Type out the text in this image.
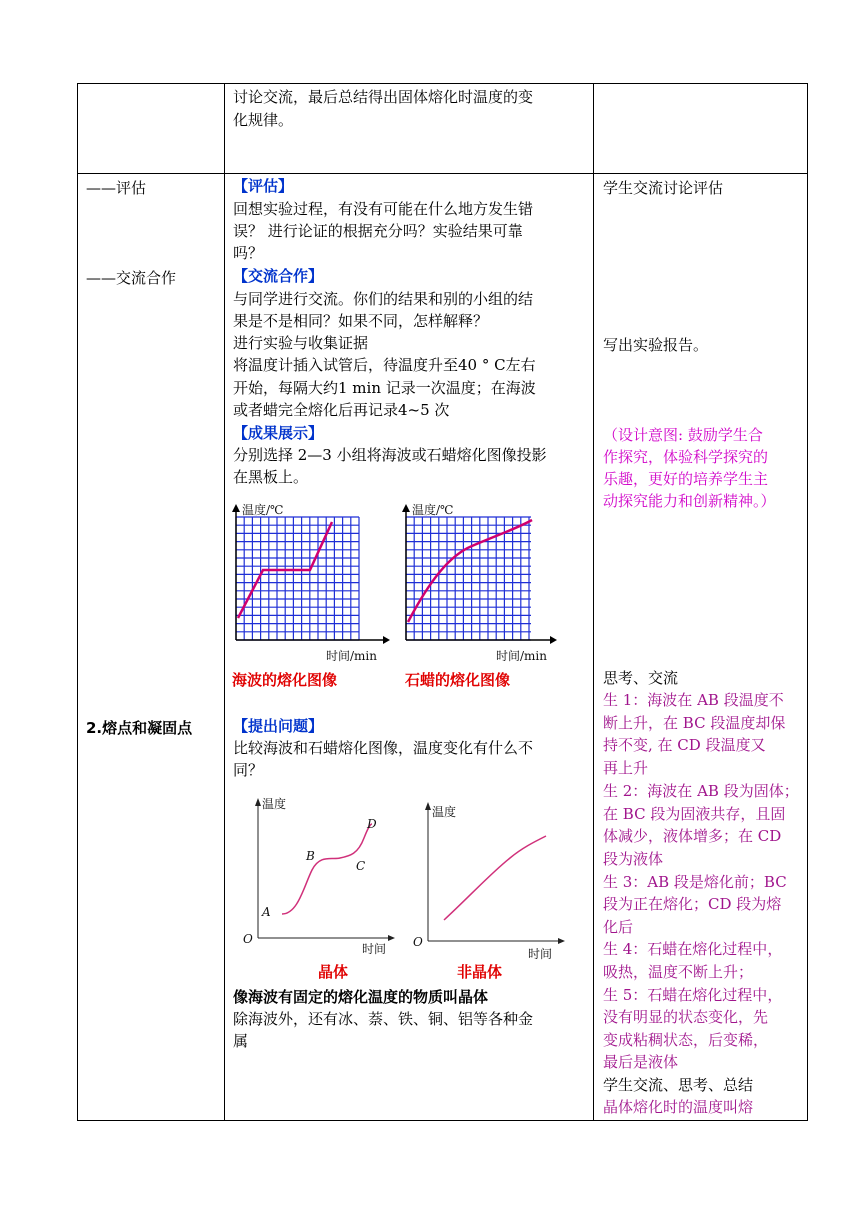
讨论交流，最后总结得出固体熔化时温度的变
化规律。
——评估
——交流合作
【评估】
回想实验过程，有没有可能在什么地方发生错
误？ 进行论证的根据充分吗？实验结果可靠
吗？
【交流合作】
与同学进行交流。你们的结果和别的小组的结
果是不是相同？如果不同，怎样解释？
进行实验与收集证据
将温度计插入试管后，待温度升至40 ° C左右
开始，每隔大约1 min 记录一次温度；在海波
或者蜡完全熔化后再记录4~5 次
【成果展示】
分别选择 2—3 小组将海波或石蜡熔化图像投影
在黑板上。
学生交流讨论评估
写出实验报告。
（设计意图: 鼓励学生合
作探究，体验科学探究的
乐趣，更好的培养学生主
动探究能力和创新精神。）
温度/℃
时间/min
海波的熔化图像
温度/℃
时间/min
石蜡的熔化图像
2.熔点和凝固点	【提出问题】
比较海波和石蜡熔化图像，温度变化有什么不
同？
温度
时间
O
A
B
C
D
晶体
温度
时间
O
非晶体
像海波有固定的熔化温度的物质叫晶体
除海波外，还有冰、萘、铁、铜、铝等各种金
属
思考、交流
生 1：海波在 AB 段温度不
断上升，在 BC 段温度却保
持不变, 在 CD 段温度又
再上升
生 2：海波在 AB 段为固体；
在 BC 段为固液共存，且固
体减少，液体增多；在 CD
段为液体
生 3：AB 段是熔化前；BC
段为正在熔化；CD 段为熔
化后
生 4：石蜡在熔化过程中，
吸热，温度不断上升；
生 5：石蜡在熔化过程中，
没有明显的状态变化，先
变成粘稠状态，后变稀，
最后是液体
学生交流、思考、总结
晶体熔化时的温度叫熔
